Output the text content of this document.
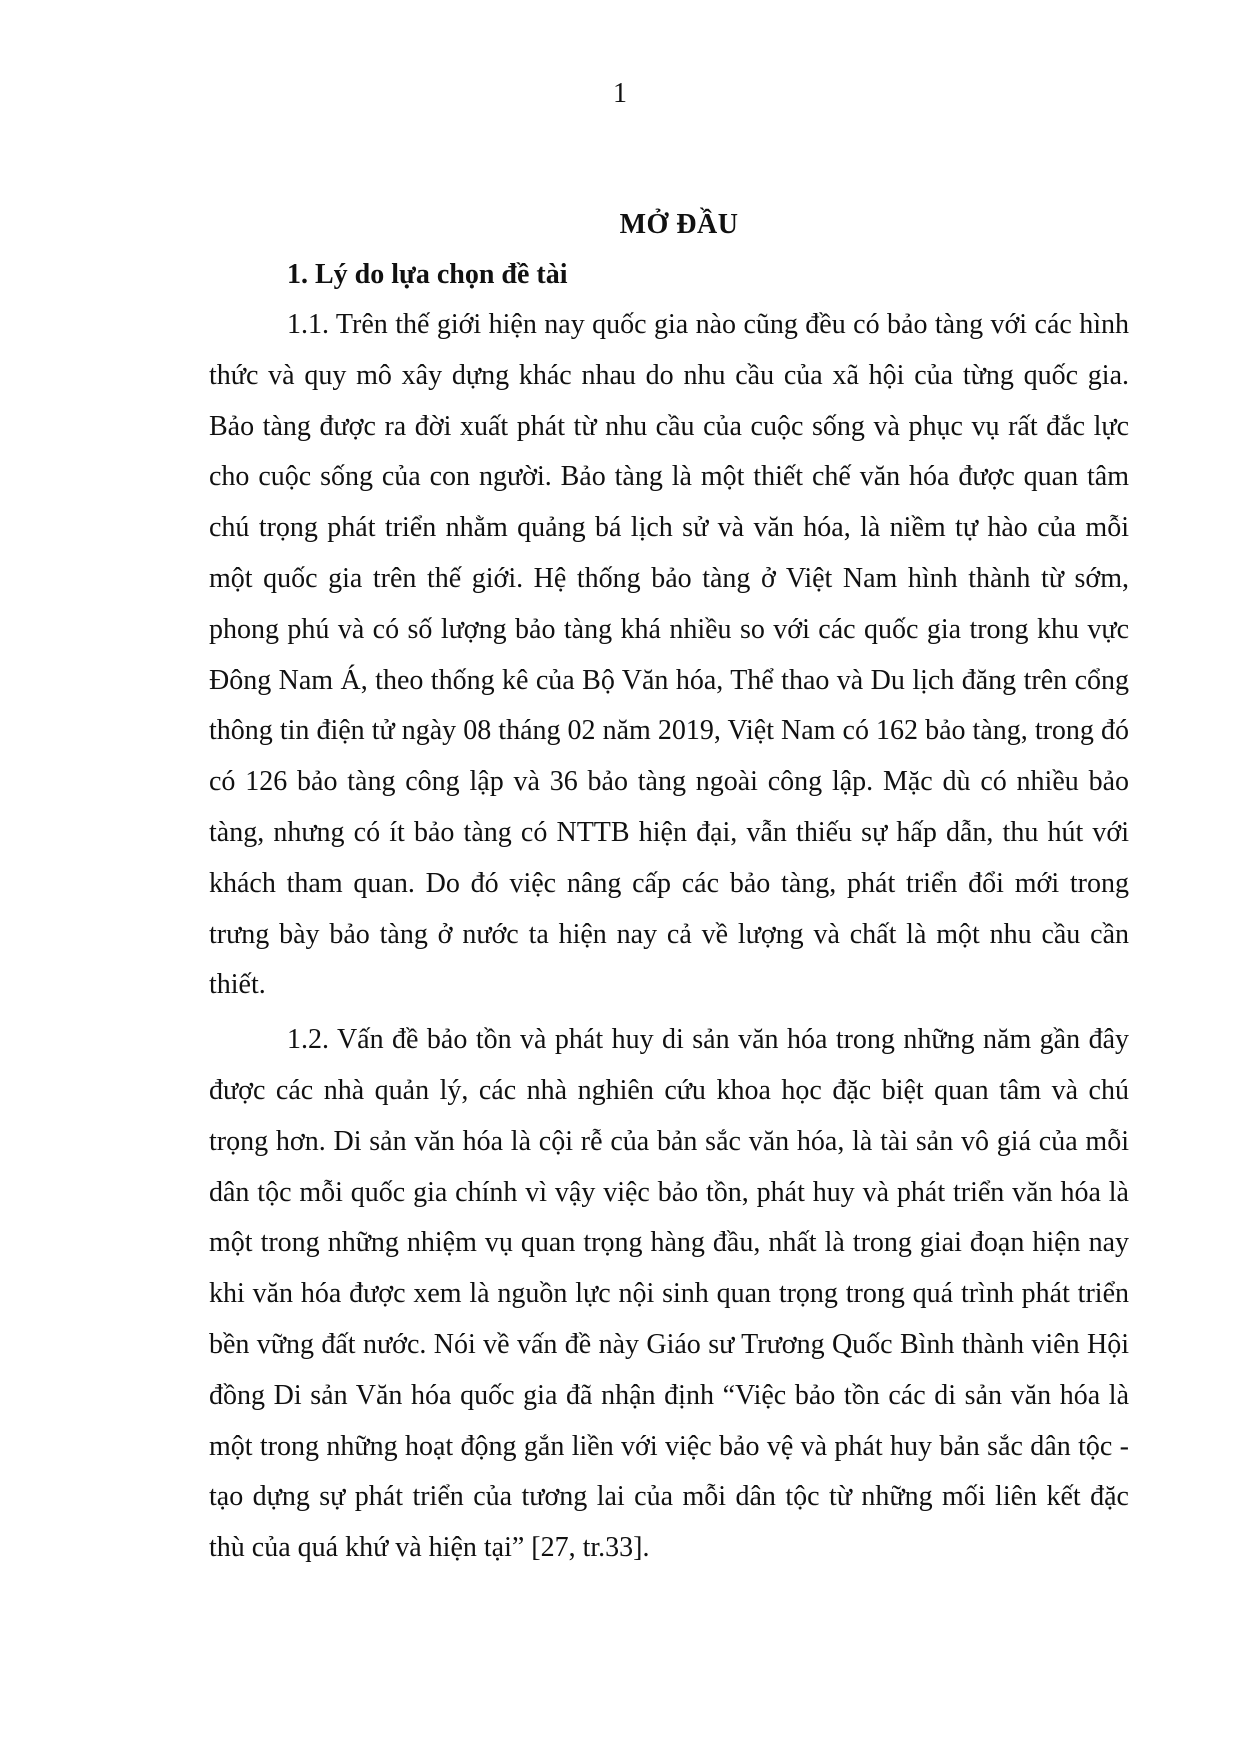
1
MỞ ĐẦU
1. Lý do lựa chọn đề tài

1.1. Trên thế giới hiện nay quốc gia nào cũng đều có bảo tàng với các hình thức và quy mô xây dựng khác nhau do nhu cầu của xã hội của từng quốc gia. Bảo tàng được ra đời xuất phát từ nhu cầu của cuộc sống và phục vụ rất đắc lực cho cuộc sống của con người. Bảo tàng là một thiết chế văn hóa được quan tâm chú trọng phát triển nhằm quảng bá lịch sử và văn hóa, là niềm tự hào của mỗi một quốc gia trên thế giới. Hệ thống bảo tàng ở Việt Nam hình thành từ sớm, phong phú và có số lượng bảo tàng khá nhiều so với các quốc gia trong khu vực Đông Nam Á, theo thống kê của Bộ Văn hóa, Thể thao và Du lịch đăng trên cổng thông tin điện tử ngày 08 tháng 02 năm 2019, Việt Nam có 162 bảo tàng, trong đó có 126 bảo tàng công lập và 36 bảo tàng ngoài công lập. Mặc dù có nhiều bảo tàng, nhưng có ít bảo tàng có NTTB hiện đại, vẫn thiếu sự hấp dẫn, thu hút với khách tham quan. Do đó việc nâng cấp các bảo tàng, phát triển đổi mới trong trưng bày bảo tàng ở nước ta hiện nay cả về lượng và chất là một nhu cầu cần thiết.

1.2. Vấn đề bảo tồn và phát huy di sản văn hóa trong những năm gần đây được các nhà quản lý, các nhà nghiên cứu khoa học đặc biệt quan tâm và chú trọng hơn. Di sản văn hóa là cội rễ của bản sắc văn hóa, là tài sản vô giá của mỗi dân tộc mỗi quốc gia chính vì vậy việc bảo tồn, phát huy và phát triển văn hóa là một trong những nhiệm vụ quan trọng hàng đầu, nhất là trong giai đoạn hiện nay khi văn hóa được xem là nguồn lực nội sinh quan trọng trong quá trình phát triển bền vững đất nước. Nói về vấn đề này Giáo sư Trương Quốc Bình thành viên Hội đồng Di sản Văn hóa quốc gia đã nhận định “Việc bảo tồn các di sản văn hóa là một trong những hoạt động gắn liền với việc bảo vệ và phát huy bản sắc dân tộc - tạo dựng sự phát triển của tương lai của mỗi dân tộc từ những mối liên kết đặc thù của quá khứ và hiện tại” [27, tr.33].
